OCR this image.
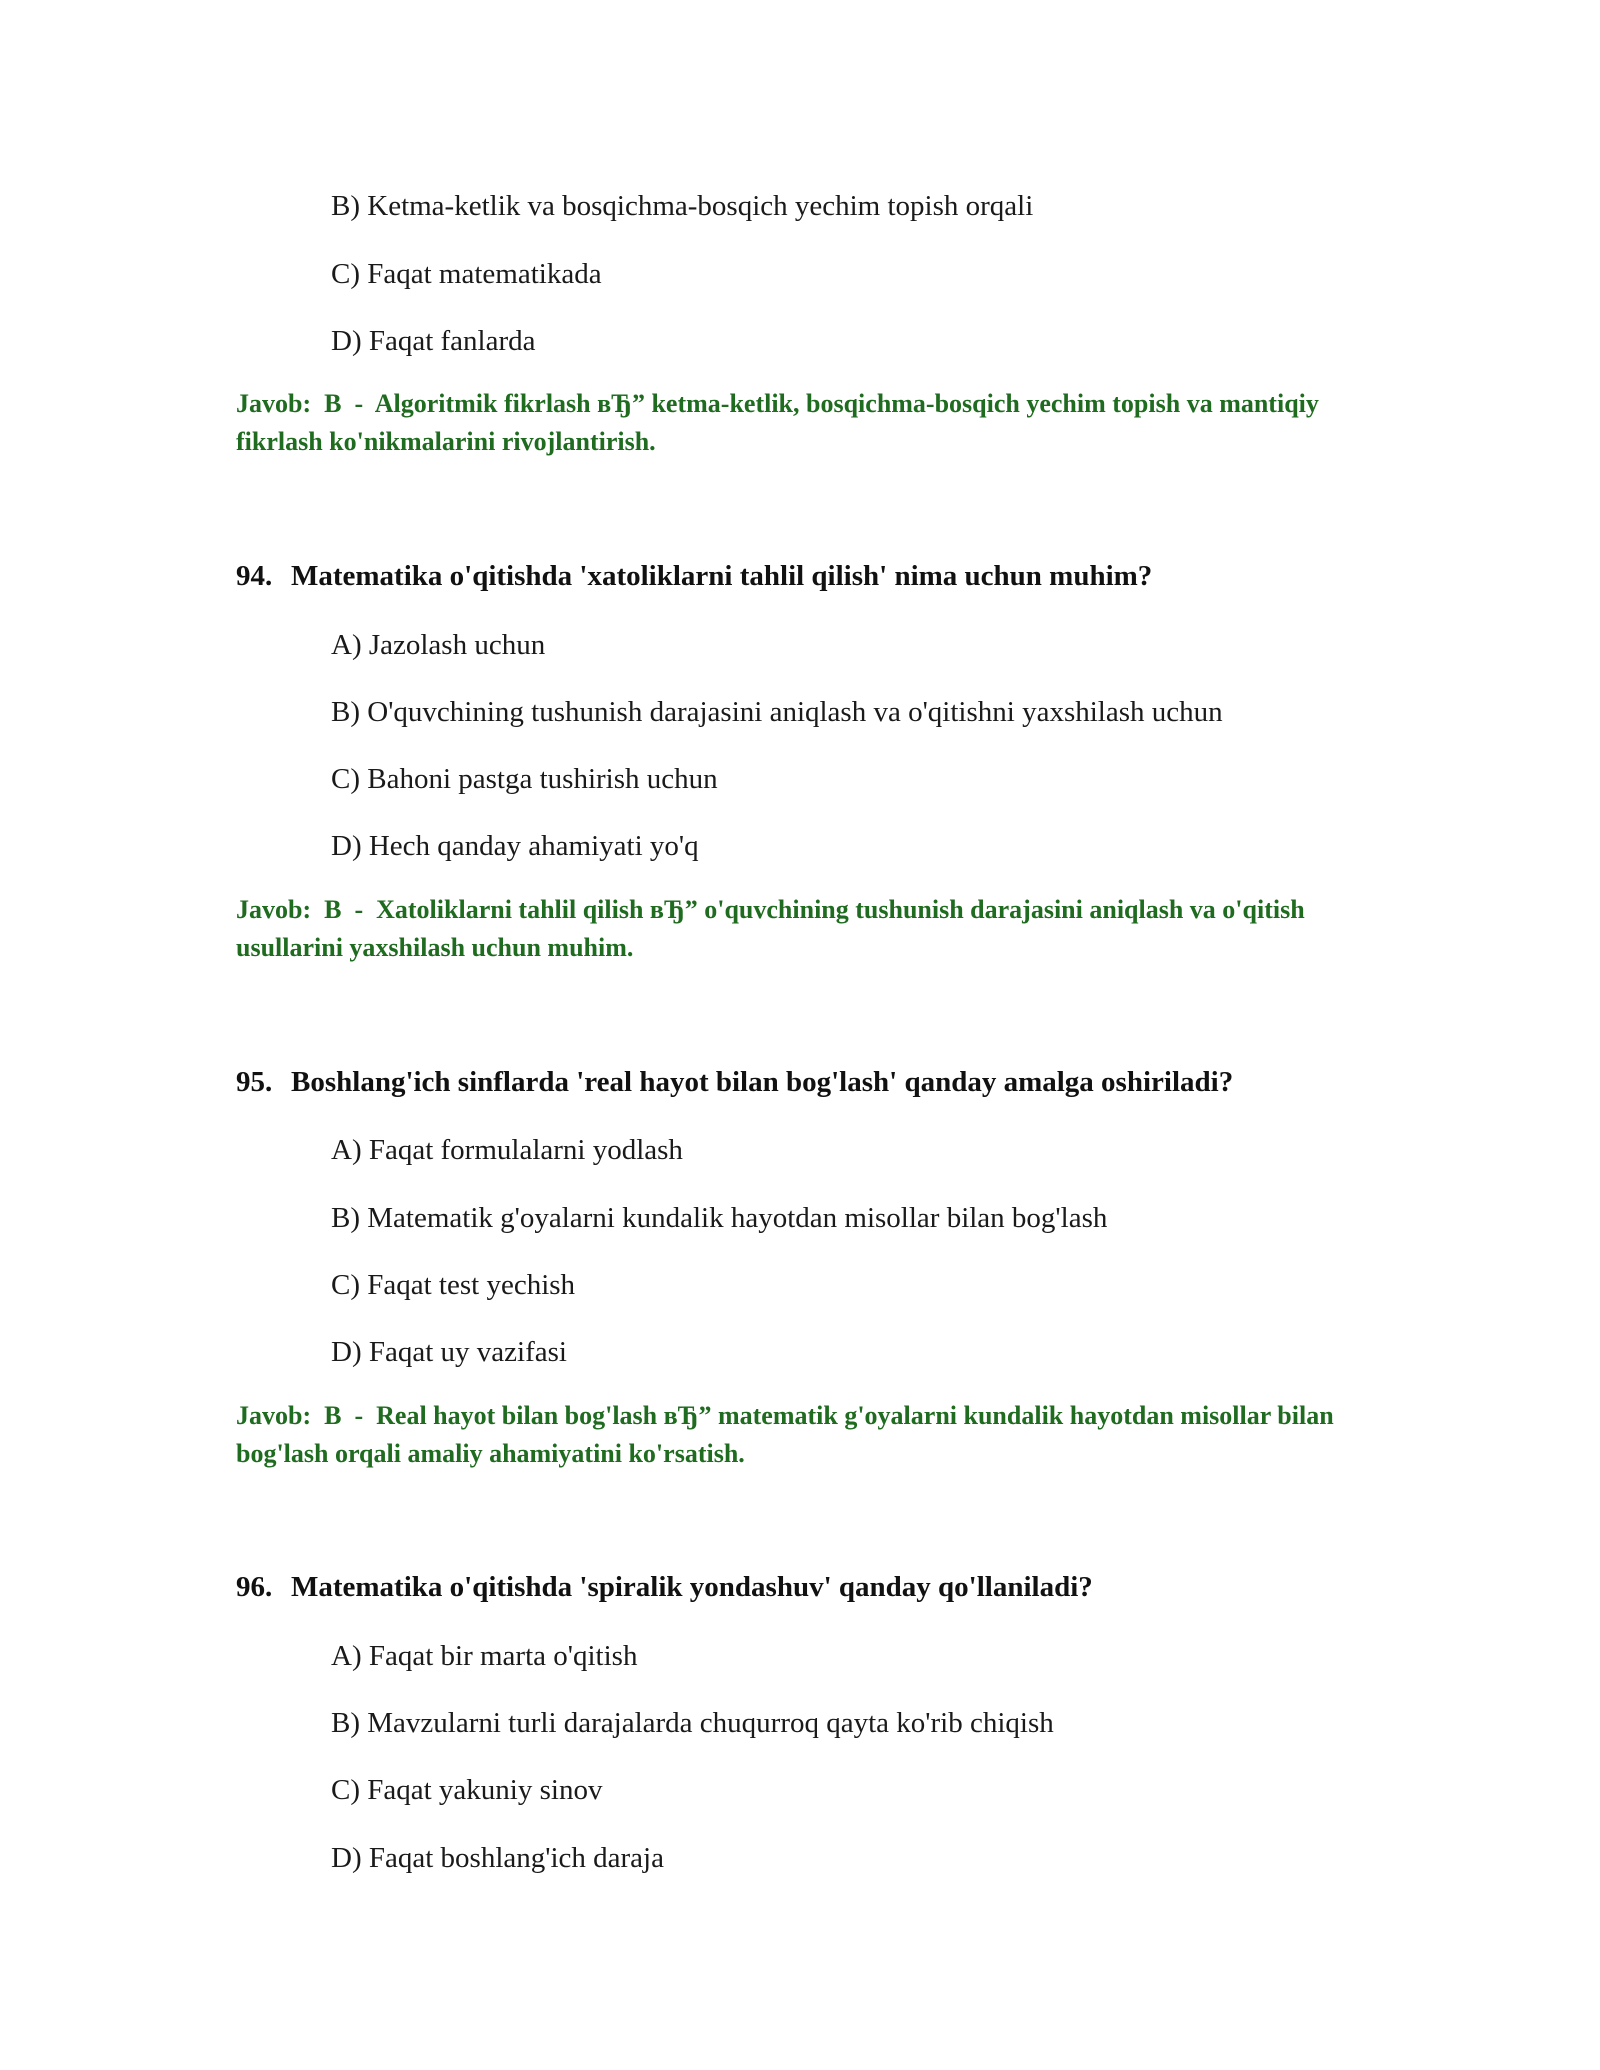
B) Ketma-ketlik va bosqichma-bosqich yechim topish orqali
C) Faqat matematikada
D) Faqat fanlarda
Javob:  B  -  Algoritmik fikrlash вЂ” ketma-ketlik, bosqichma-bosqich yechim topish va mantiqiy fikrlash ko'nikmalarini rivojlantirish.
94. Matematika o'qitishda 'xatoliklarni tahlil qilish' nima uchun muhim?
A) Jazolash uchun
B) O'quvchining tushunish darajasini aniqlash va o'qitishni yaxshilash uchun
C) Bahoni pastga tushirish uchun
D) Hech qanday ahamiyati yo'q
Javob:  B  -  Xatoliklarni tahlil qilish вЂ” o'quvchining tushunish darajasini aniqlash va o'qitish usullarini yaxshilash uchun muhim.
95. Boshlang'ich sinflarda 'real hayot bilan bog'lash' qanday amalga oshiriladi?
A) Faqat formulalarni yodlash
B) Matematik g'oyalarni kundalik hayotdan misollar bilan bog'lash
C) Faqat test yechish
D) Faqat uy vazifasi
Javob:  B  -  Real hayot bilan bog'lash вЂ” matematik g'oyalarni kundalik hayotdan misollar bilan bog'lash orqali amaliy ahamiyatini ko'rsatish.
96. Matematika o'qitishda 'spiralik yondashuv' qanday qo'llaniladi?
A) Faqat bir marta o'qitish
B) Mavzularni turli darajalarda chuqurroq qayta ko'rib chiqish
C) Faqat yakuniy sinov
D) Faqat boshlang'ich daraja
